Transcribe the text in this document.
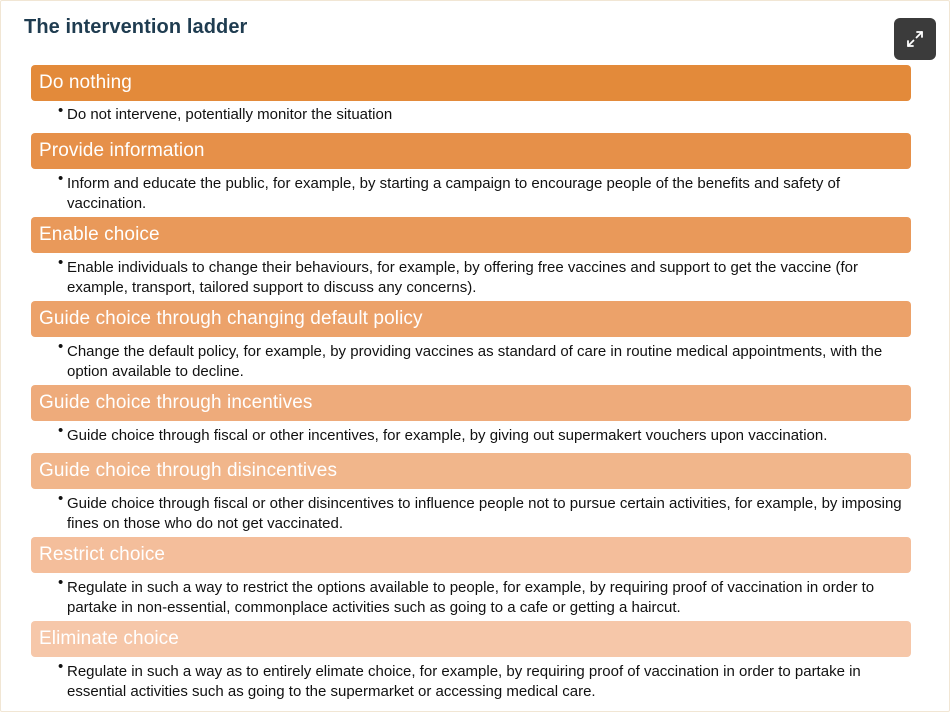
The intervention ladder
Do nothing
• Do not intervene, potentially monitor the situation
Provide information
• Inform and educate the public, for example, by starting a campaign to encourage people of the benefits and safety of vaccination.
Enable choice
• Enable individuals to change their behaviours, for example, by offering free vaccines and support to get the vaccine (for example, transport, tailored support to discuss any concerns).
Guide choice through changing default policy
• Change the default policy, for example, by providing vaccines as standard of care in routine medical appointments, with the option available to decline.
Guide choice through incentives
• Guide choice through fiscal or other incentives, for example, by giving out supermakert vouchers upon vaccination.
Guide choice through disincentives
• Guide choice through fiscal or other disincentives to influence people not to pursue certain activities, for example, by imposing fines on those who do not get vaccinated.
Restrict choice
• Regulate in such a way to restrict the options available to people, for example, by requiring proof of vaccination in order to partake in non-essential, commonplace activities such as going to a cafe or getting a haircut.
Eliminate choice
• Regulate in such a way as to entirely elimate choice, for example, by requiring proof of vaccination in order to partake in essential activities such as going to the supermarket or accessing medical care.
